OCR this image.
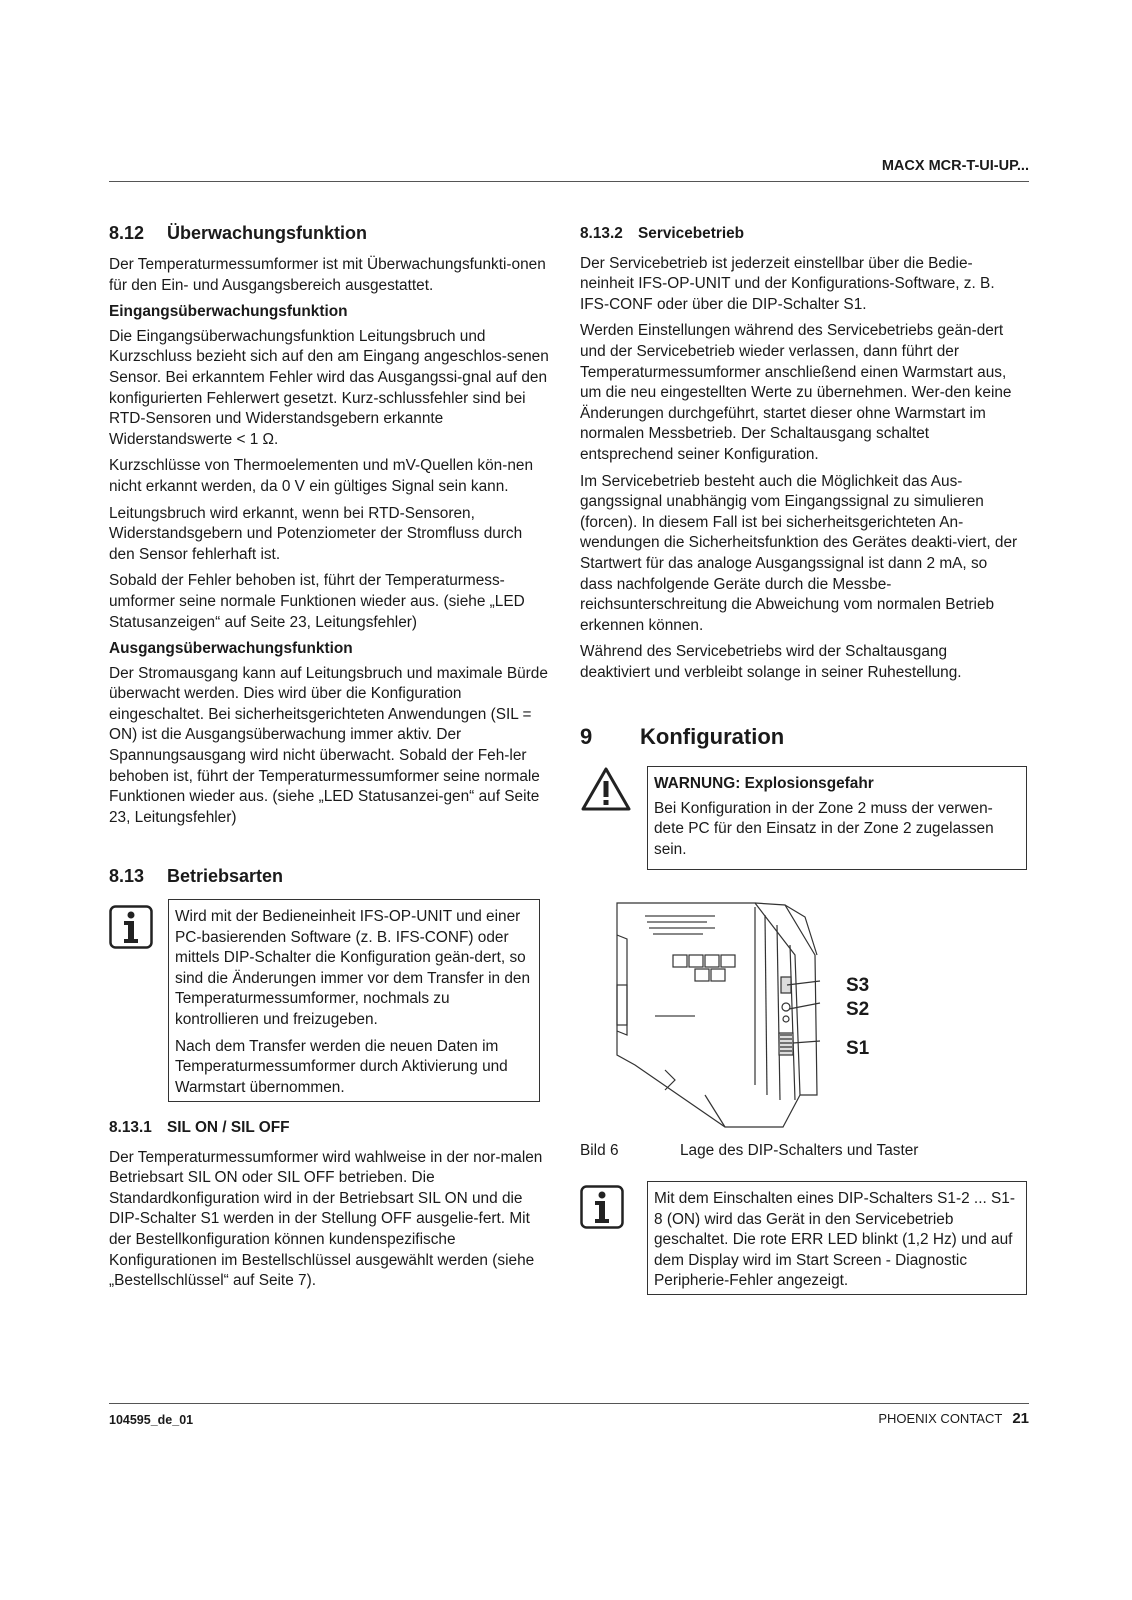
MACX MCR-T-UI-UP...
8.12 Überwachungsfunktion

Der Temperaturmessumformer ist mit Überwachungsfunkti-onen für den Ein- und Ausgangsbereich ausgestattet.

Eingangsüberwachungsfunktion

Die Eingangsüberwachungsfunktion Leitungsbruch und Kurzschluss bezieht sich auf den am Eingang angeschlos-senen Sensor. Bei erkanntem Fehler wird das Ausgangssi-gnal auf den konfigurierten Fehlerwert gesetzt. Kurz-schlussfehler sind bei RTD-Sensoren und Widerstandsgebern erkannte Widerstandswerte < 1 Ω.

Kurzschlüsse von Thermoelementen und mV-Quellen kön-nen nicht erkannt werden, da 0 V ein gültiges Signal sein kann.

Leitungsbruch wird erkannt, wenn bei RTD-Sensoren, Widerstandsgebern und Potenziometer der Stromfluss durch den Sensor fehlerhaft ist.

Sobald der Fehler behoben ist, führt der Temperaturmess-umformer seine normale Funktionen wieder aus. (siehe „LED Statusanzeigen“ auf Seite 23, Leitungsfehler)

Ausgangsüberwachungsfunktion

Der Stromausgang kann auf Leitungsbruch und maximale Bürde überwacht werden. Dies wird über die Konfiguration eingeschaltet. Bei sicherheitsgerichteten Anwendungen (SIL = ON) ist die Ausgangsüberwachung immer aktiv. Der Spannungsausgang wird nicht überwacht. Sobald der Feh-ler behoben ist, führt der Temperaturmessumformer seine normale Funktionen wieder aus. (siehe „LED Statusanzei-gen“ auf Seite 23, Leitungsfehler)

8.13 Betriebsarten

Wird mit der Bedieneinheit IFS-OP-UNIT und einer PC-basierenden Software (z. B. IFS-CONF) oder mittels DIP-Schalter die Konfiguration geän-dert, so sind die Änderungen immer vor dem Transfer in den Temperaturmessumformer, nochmals zu kontrollieren und freizugeben.

Nach dem Transfer werden die neuen Daten im Temperaturmessumformer durch Aktivierung und Warmstart übernommen.

8.13.1 SIL ON / SIL OFF

Der Temperaturmessumformer wird wahlweise in der nor-malen Betriebsart SIL ON oder SIL OFF betrieben. Die Standardkonfiguration wird in der Betriebsart SIL ON und die DIP-Schalter S1 werden in der Stellung OFF ausgelie-fert. Mit der Bestellkonfiguration können kundenspezifische Konfigurationen im Bestellschlüssel ausgewählt werden (siehe „Bestellschlüssel“ auf Seite 7).

8.13.2 Servicebetrieb

Der Servicebetrieb ist jederzeit einstellbar über die Bedie-neinheit IFS-OP-UNIT und der Konfigurations-Software, z. B. IFS-CONF oder über die DIP-Schalter S1.

Werden Einstellungen während des Servicebetriebs geän-dert und der Servicebetrieb wieder verlassen, dann führt der Temperaturmessumformer anschließend einen Warmstart aus, um die neu eingestellten Werte zu übernehmen. Wer-den keine Änderungen durchgeführt, startet dieser ohne Warmstart im normalen Messbetrieb. Der Schaltausgang schaltet entsprechend seiner Konfiguration.

Im Servicebetrieb besteht auch die Möglichkeit das Aus-gangssignal unabhängig vom Eingangssignal zu simulieren (forcen). In diesem Fall ist bei sicherheitsgerichteten An-wendungen die Sicherheitsfunktion des Gerätes deakti-viert, der Startwert für das analoge Ausgangssignal ist dann 2 mA, so dass nachfolgende Geräte durch die Messbe-reichsunterschreitung die Abweichung vom normalen Betrieb erkennen können.

Während des Servicebetriebs wird der Schaltausgang deaktiviert und verbleibt solange in seiner Ruhestellung.

9 Konfiguration

WARNUNG: Explosionsgefahr

Bei Konfiguration in der Zone 2 muss der verwen-dete PC für den Einsatz in der Zone 2 zugelassen sein.

S3
S2
S1
Bild 6	Lage des DIP-Schalters und Taster

Mit dem Einschalten eines DIP-Schalters S1-2 ... S1-8 (ON) wird das Gerät in den Servicebetrieb geschaltet. Die rote ERR LED blinkt (1,2 Hz) und auf dem Display wird im Start Screen - Diagnostic Peripherie-Fehler angezeigt.

104595_de_01	PHOENIX CONTACT 21
